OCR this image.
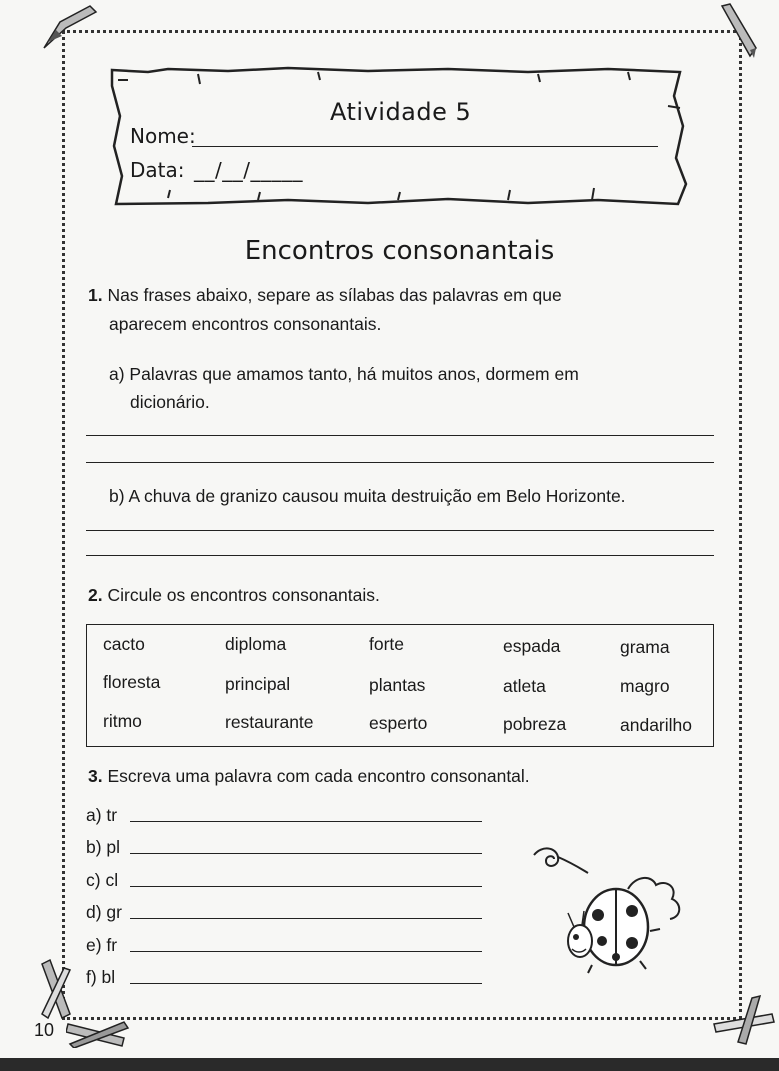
Atividade 5
Nome:
Data: __/__/_____
Encontros consonantais
1. Nas frases abaixo, separe as sílabas das palavras em que
aparecem encontros consonantais.
a) Palavras que amamos tanto, há muitos anos, dormem em
dicionário.
b) A chuva de granizo causou muita destruição em Belo Horizonte.
2. Circule os encontros consonantais.
cacto	diploma	forte	espada	grama
floresta	principal	plantas	atleta	magro
ritmo	restaurante	esperto	pobreza	andarilho
3. Escreva uma palavra com cada encontro consonantal.
a) tr
b) pl
c) cl
d) gr
e) fr
f) bl
10
